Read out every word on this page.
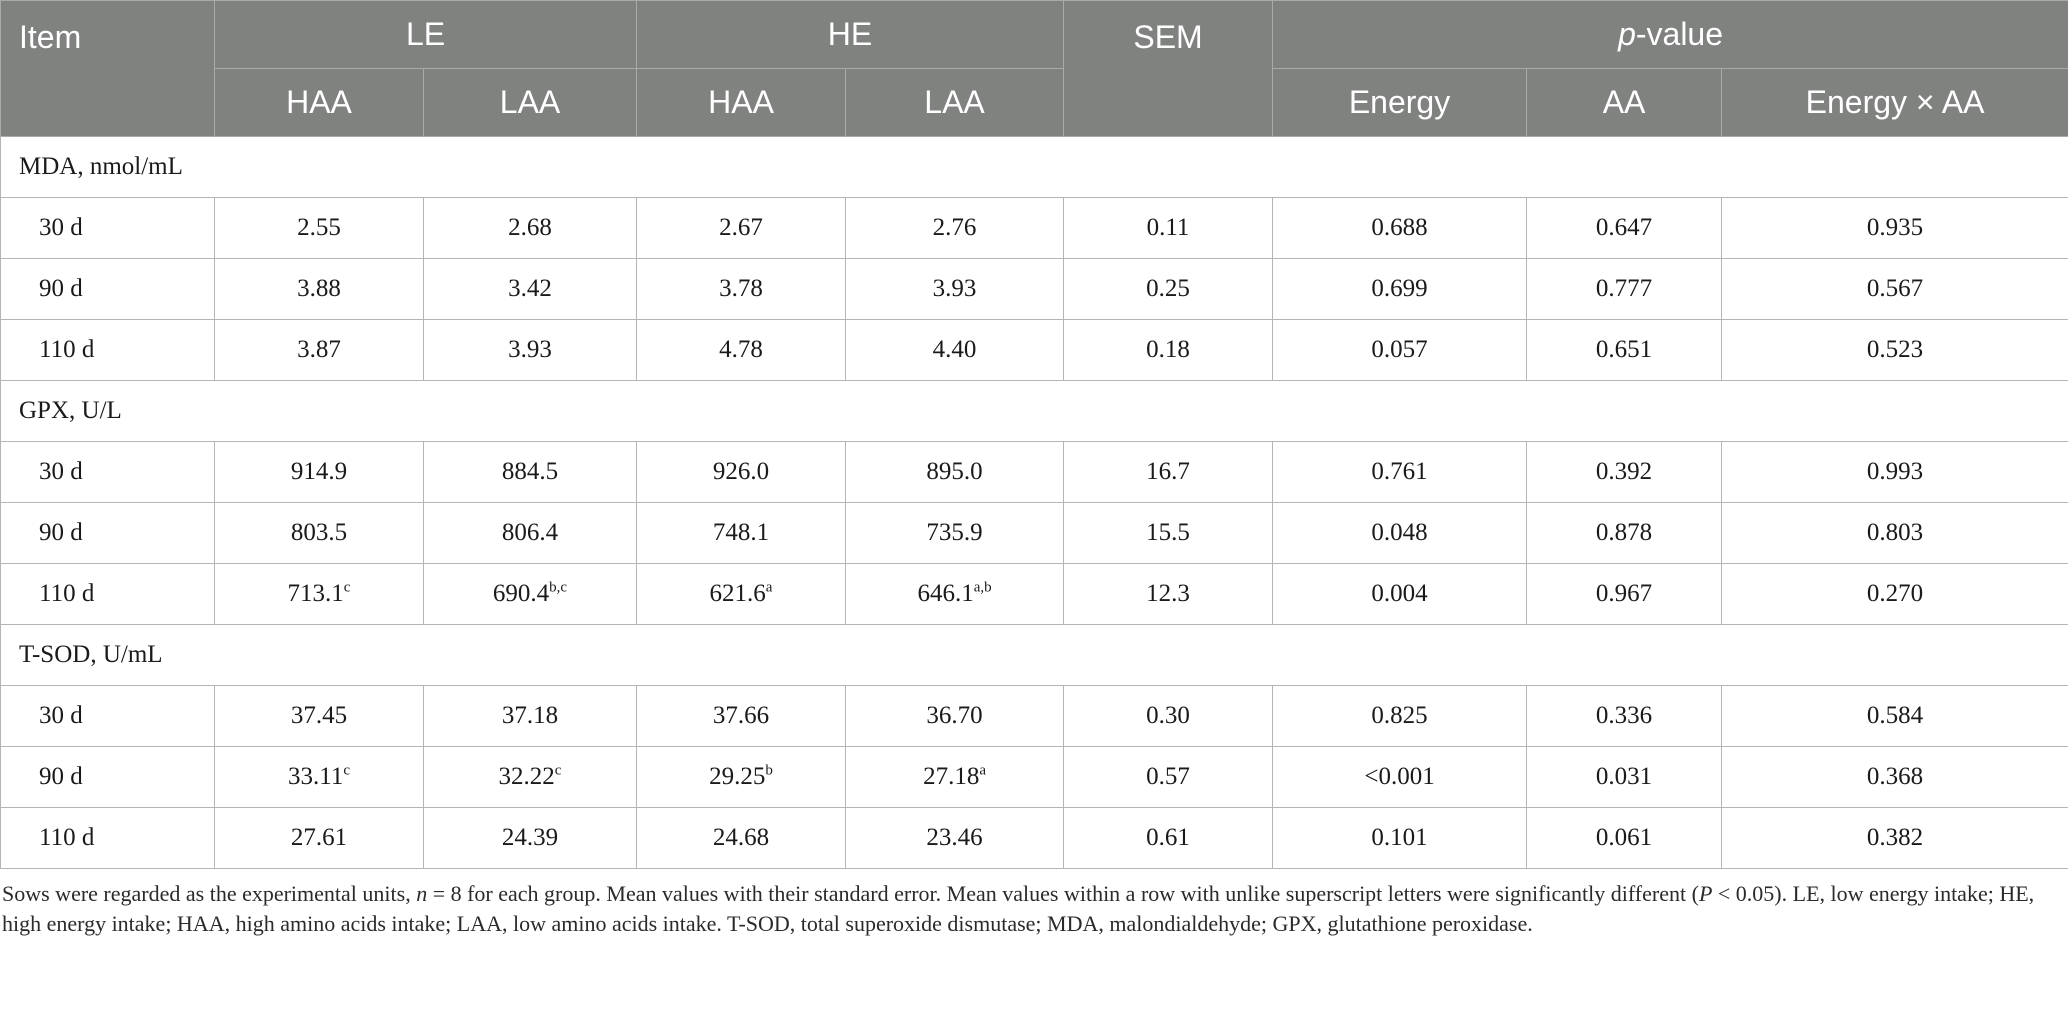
Item	LE		HE		SEM	p-value		
	HAA	LAA	HAA	LAA		Energy	AA	Energy × AA
MDA, nmol/mL								
30 d	2.55	2.68	2.67	2.76	0.11	0.688	0.647	0.935
90 d	3.88	3.42	3.78	3.93	0.25	0.699	0.777	0.567
110 d	3.87	3.93	4.78	4.40	0.18	0.057	0.651	0.523
GPX, U/L								
30 d	914.9	884.5	926.0	895.0	16.7	0.761	0.392	0.993
90 d	803.5	806.4	748.1	735.9	15.5	0.048	0.878	0.803
110 d	713.1$^c$	690.4$^{b,c}$	621.6$^a$	646.1$^{a,b}$	12.3	0.004	0.967	0.270
T-SOD, U/mL								
30 d	37.45	37.18	37.66	36.70	0.30	0.825	0.336	0.584
90 d	33.11$^c$	32.22$^c$	29.25$^b$	27.18$^a$	0.57	<0.001	0.031	0.368
110 d	27.61	24.39	24.68	23.46	0.61	0.101	0.061	0.382
Sows were regarded as the experimental units, n = 8 for each group. Mean values with their standard error. Mean values within a row with unlike superscript letters were significantly different (P < 0.05). LE, low energy intake; HE, high energy intake; HAA, high amino acids intake; LAA, low amino acids intake. T-SOD, total superoxide dismutase; MDA, malondialdehyde; GPX, glutathione peroxidase.
